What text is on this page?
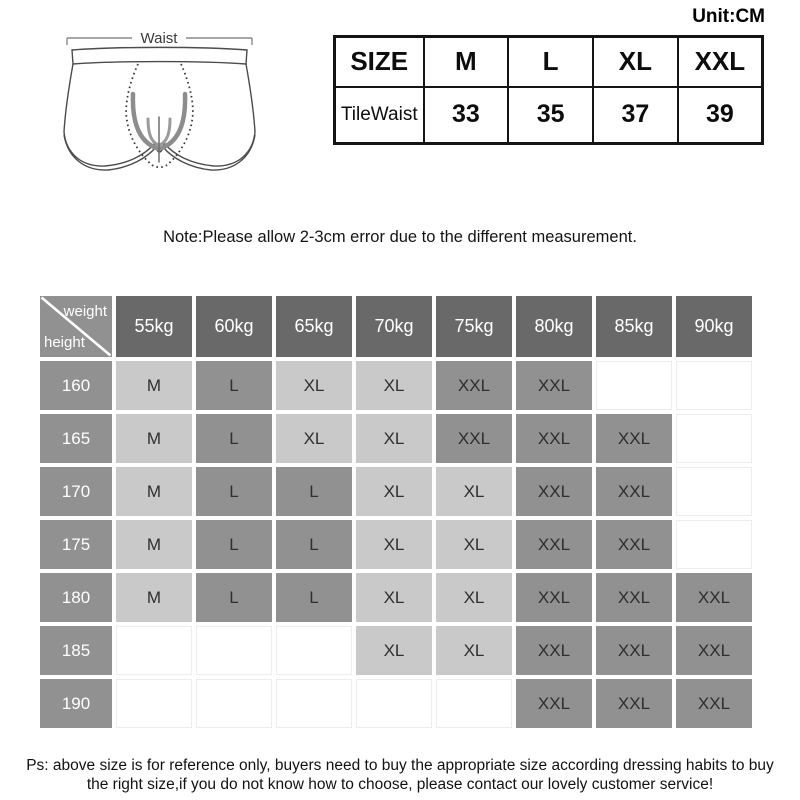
Waist
Unit:CM
SIZE	M	L	XL	XXL
TileWaist	33	35	37	39
Note:Please allow 2-3cm error due to the different measurement.
weight
height	55kg	60kg	65kg	70kg	75kg	80kg	85kg	90kg
160	M	L	XL	XL	XXL	XXL		
165	M	L	XL	XL	XXL	XXL	XXL	
170	M	L	L	XL	XL	XXL	XXL	
175	M	L	L	XL	XL	XXL	XXL	
180	M	L	L	XL	XL	XXL	XXL	XXL
185				XL	XL	XXL	XXL	XXL
190						XXL	XXL	XXL
Ps: above size is for reference only, buyers need to buy the appropriate size according dressing habits to buy
the right size,if you do not know how to choose, please contact our lovely customer service!
